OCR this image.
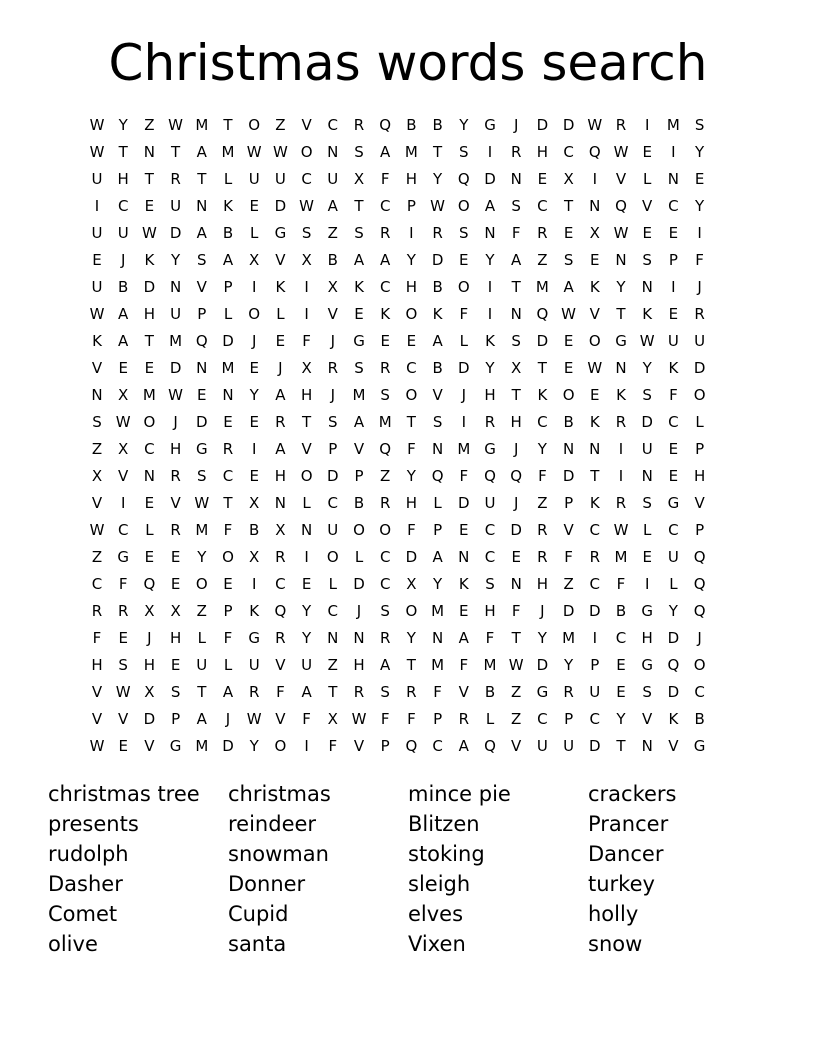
Christmas words search
W Y	Z W M	T	O	Z	V	C	R	Q	B	B	Y	G	J	D D W R	I	M S
W T	N	T	A M W W O N	S	A M	T	S	I	R	H	C	Q W E	I	Y
U	H	T	R	T	L	U	U	C	U	X	F	H	Y	Q D N	E	X	I	V	L	N	E
I	C	E	U	N	K	E	D W A	T	C	P W O	A	S	C	T	N Q	V	C	Y
U	U W D	A	B	L	G	S	Z	S	R	I	R	S	N	F	R	E	X W E	E	I
E	J	K	Y	S	A	X	V	X	B	A	A	Y	D	E	Y	A	Z	S	E	N	S	P	F
U	B	D N	V	P	I	K	I	X	K	C	H	B	O	I	T	M A	K	Y	N	I	J
W A	H	U	P	L	O	L	I	V	E	K	O	K	F	I	N Q W V	T	K	E	R
K	A	T	M Q D	J	E	F	J	G	E	E	A	L	K	S	D	E	O G W U	U
V	E	E	D N M E	J	X	R	S	R	C	B	D	Y	X	T	E W N	Y	K	D
N	X M W E	N	Y	A	H	J	M S	O	V	J	H	T	K	O	E	K	S	F	O
S W O	J	D	E	E	R	T	S	A M	T	S	I	R	H	C	B	K	R	D	C	L
Z	X	C	H G	R	I	A	V	P	V	Q	F	N M G	J	Y	N N	I	U	E	P
X	V	N	R	S	C	E	H O D	P	Z	Y	Q	F	Q Q	F	D	T	I	N	E	H
V	I	E	V W T	X	N	L	C	B	R	H	L	D U	J	Z	P	K	R	S	G	V
W C	L	R M	F	B	X	N	U O O	F	P	E	C	D	R	V	C W L	C	P
Z	G	E	E	Y	O	X	R	I	O	L	C	D	A	N	C	E	R	F	R M E	U Q
C	F	Q	E	O	E	I	C	E	L	D	C	X	Y	K	S	N H	Z	C	F	I	L	Q
R	R	X	X	Z	P	K	Q	Y	C	J	S	O M E	H	F	J	D D	B	G	Y	Q
F	E	J	H	L	F	G	R	Y	N N	R	Y	N	A	F	T	Y	M	I	C	H D	J
H	S	H	E	U	L	U	V	U	Z	H	A	T	M	F	M W D	Y	P	E	G Q O
V W X	S	T	A	R	F	A	T	R	S	R	F	V	B	Z	G	R	U	E	S	D	C
V	V	D	P	A	J	W V	F	X W F	F	P	R	L	Z	C	P	C	Y	V	K	B
W E	V	G M D	Y	O	I	F	V	P	Q	C	A	Q	V	U	U D	T	N	V	G
christmas tree
presents
rudolph
Dasher
Comet
olive
christmas
reindeer
snowman
Donner
Cupid
santa
mince pie
Blitzen
stoking
sleigh
elves
Vixen
crackers
Prancer
Dancer
turkey
holly
snow
